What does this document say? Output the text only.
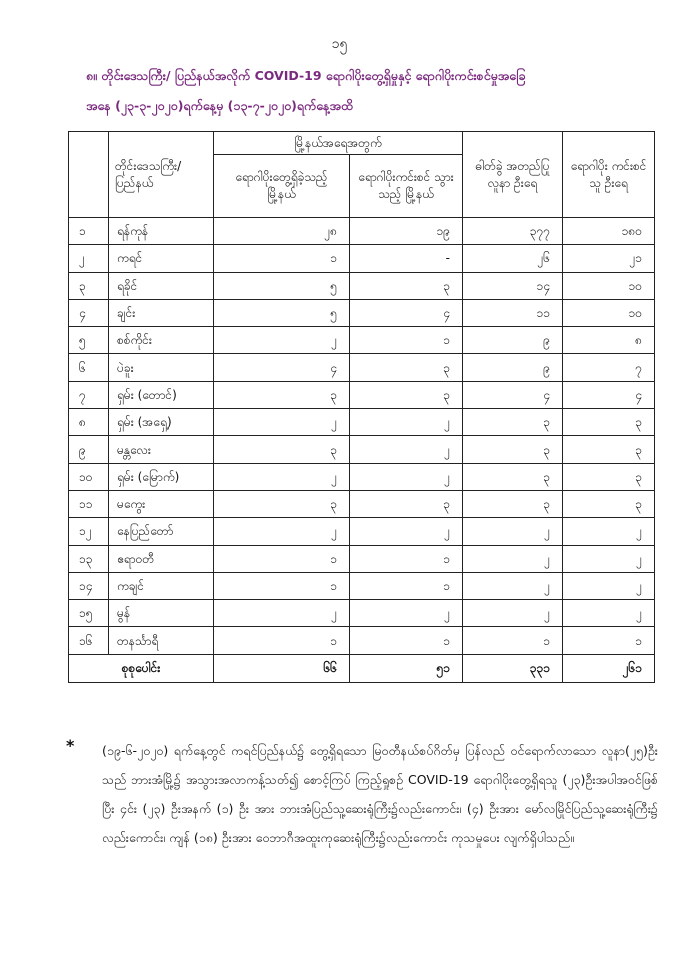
၁၅
၈။ တိုင်းဒေသကြီး/ ပြည်နယ်အလိုက် COVID-19 ရောဂါပိုးတွေ့ရှိမှုနှင့် ရောဂါပိုးကင်းစင်မှုအခြေ
အနေ (၂၃-၃-၂၀၂၀)ရက်နေ့မှ (၁၃-၇-၂၀၂၀)ရက်နေ့အထိ
	တိုင်းဒေသကြီး/ ပြည်နယ်	မြို့နယ်အရေအတွက်		ဓါတ်ခွဲ အတည်ပြု လူနာ ဦးရေ	ရောဂါပိုး ကင်းစင်သူ ဦးရေ
		ရောဂါပိုးတွေ့ရှိခဲ့သည့် မြို့နယ်	ရောဂါပိုးကင်းစင် သွားသည့် မြို့နယ်		
၁	ရန်ကုန်	၂၈	၁၉	၃၇၇	၁၈၀
၂	ကရင်	၁	-	၂၆	၂၁
၃	ရခိုင်	၅	၃	၁၄	၁၀
၄	ချင်း	၅	၄	၁၁	၁၀
၅	စစ်ကိုင်း	၂	၁	၉	၈
၆	ပဲခူး	၄	၃	၉	၇
၇	ရှမ်း (တောင်)	၃	၃	၄	၄
၈	ရှမ်း (အရှေ့)	၂	၂	၃	၃
၉	မန္တလေး	၃	၂	၃	၃
၁၀	ရှမ်း (မြောက်)	၂	၂	၃	၃
၁၁	မကွေး	၃	၃	၃	၃
၁၂	နေပြည်တော်	၂	၂	၂	၂
၁၃	ဧရာဝတီ	၁	၁	၂	၂
၁၄	ကချင်	၁	၁	၂	၂
၁၅	မွန်	၂	၂	၂	၂
၁၆	တနင်္သာရီ	၁	၁	၁	၁
စုစုပေါင်း		၆၆	၅၁	၃၃၁	၂၆၁
(၁၉-၆-၂၀၂၀) ရက်နေ့တွင် ကရင်ပြည်နယ်၌ တွေ့ရှိရသော မြဝတီနယ်စပ်ဂိတ်မှ ပြန်လည် ဝင်ရောက်လာသော လူနာ(၂၅)ဦးသည် ဘားအံမြို့၌ အသွားအလာကန့်သတ်၍ စောင့်ကြပ် ကြည့်ရှုစဉ် COVID-19 ရောဂါပိုးတွေ့ရှိရသူ (၂၃)ဦးအပါအဝင်ဖြစ်ပြီး ၄င်း (၂၃) ဦးအနက် (၁) ဦး အား ဘားအံပြည်သူ့ဆေးရုံကြီး၌လည်းကောင်း၊ (၄) ဦးအား မော်လမြိုင်ပြည်သူ့ဆေးရုံကြီး၌ လည်းကောင်း၊ ကျန် (၁၈) ဦးအား ဝေဘာဂီအထူးကုဆေးရုံကြီး၌လည်းကောင်း ကုသမှုပေး လျက်ရှိပါသည်။
*
